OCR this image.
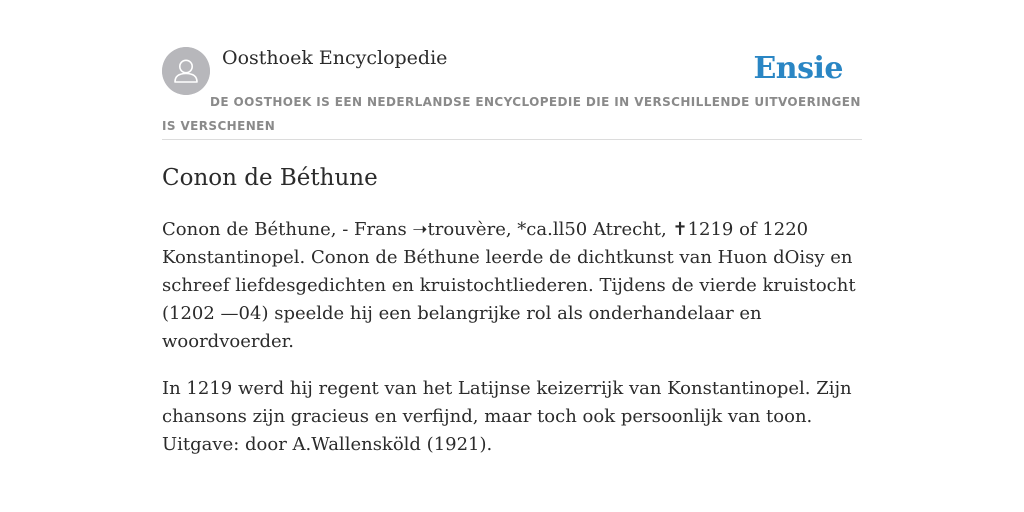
Oosthoek Encyclopedie	Ensie
DE OOSTHOEK IS EEN NEDERLANDSE ENCYCLOPEDIE DIE IN VERSCHILLENDE UITVOERINGEN IS VERSCHENEN
Conon de Béthune

Conon de Béthune, - Frans ➝trouvère, *ca.ll50 Atrecht, ✝1219 of 1220 Konstantinopel. Conon de Béthune leerde de dichtkunst van Huon dOisy en schreef liefdesgedichten en kruistochtliederen. Tijdens de vierde kruistocht (1202 —04) speelde hij een belangrijke rol als onderhandelaar en woordvoerder.

In 1219 werd hij regent van het Latijnse keizerrijk van Konstantinopel. Zijn chansons zijn gracieus en verfijnd, maar toch ook persoonlijk van toon. Uitgave: door A.Wallensköld (1921).
